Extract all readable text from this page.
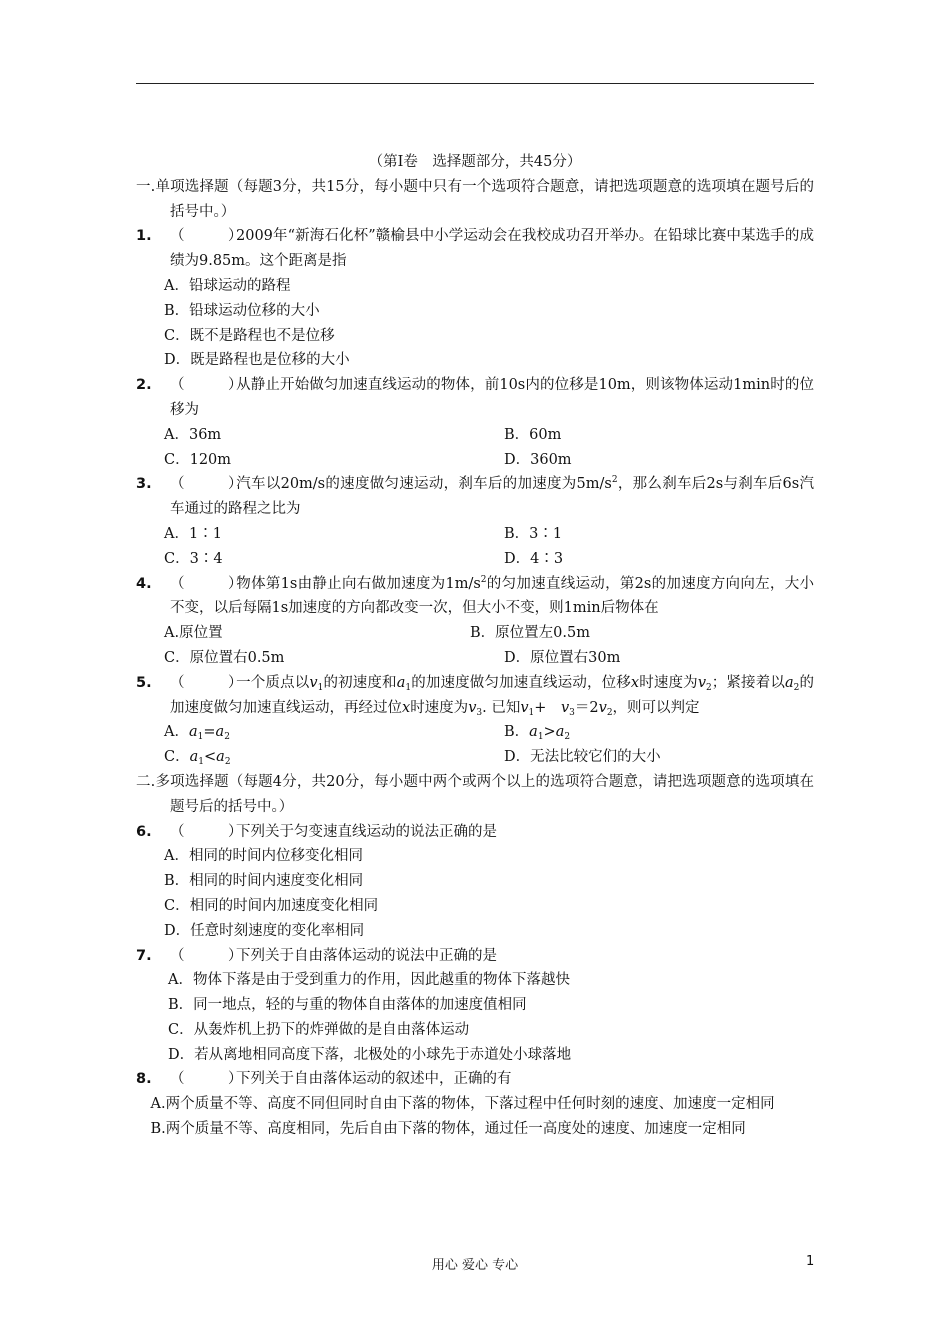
（第Ⅰ卷　选择题部分，共45分）
一.单项选择题（每题3分，共15分，每小题中只有一个选项符合题意，请把选项题意的选项填在题号后的括号中。）
1.	（　　　）2009年“新海石化杯”赣榆县中小学运动会在我校成功召开举办。在铅球比赛中某选手的成绩为9.85m。这个距离是指
A．铅球运动的路程
B．铅球运动位移的大小
C．既不是路程也不是位移
D．既是路程也是位移的大小
2.	（　　　）从静止开始做匀加速直线运动的物体，前10s内的位移是10m，则该物体运动1min时的位移为
A．36m	B．60m
C．120m	D．360m
3.	（　　　）汽车以20m/s的速度做匀速运动，刹车后的加速度为$5m/s^2$，那么刹车后2s与刹车后6s汽车通过的路程之比为
A．1∶1	B．3∶1
C．3∶4	D．4∶3
4.	（　　　）物体第1s由静止向右做加速度为$1m/s^2$的匀加速直线运动，第2s的加速度方向向左，大小不变，以后每隔1s加速度的方向都改变一次，但大小不变，则1min后物体在
A.原位置	B．原位置左0.5m
C．原位置右0.5m	D．原位置右30m
5.	（　　　）一个质点以$v_1$的初速度和$a_1$的加速度做匀加速直线运动，位移x时速度为$v_2$；紧接着以$a_2$的加速度做匀加速直线运动，再经过位x时速度为$v_3$. 已知$v_1+$　$v_3=2v_2$，则可以判定
A．$a_1=a_2$	B．$a_1>a_2$
C．$a_1<a_2$	D．无法比较它们的大小
二.多项选择题（每题4分，共20分，每小题中两个或两个以上的选项符合题意，请把选项题意的选项填在题号后的括号中。）
6.	（　　　）下列关于匀变速直线运动的说法正确的是
A．相同的时间内位移变化相同
B．相同的时间内速度变化相同
C．相同的时间内加速度变化相同
D．任意时刻速度的变化率相同
7.	（　　　）下列关于自由落体运动的说法中正确的是
A．物体下落是由于受到重力的作用，因此越重的物体下落越快
B．同一地点，轻的与重的物体自由落体的加速度值相同
C．从轰炸机上扔下的炸弹做的是自由落体运动
D．若从离地相同高度下落，北极处的小球先于赤道处小球落地
8.	（　　　）下列关于自由落体运动的叙述中，正确的有
　A.两个质量不等、高度不同但同时自由下落的物体，下落过程中任何时刻的速度、加速度一定相同
　B.两个质量不等、高度相同，先后自由下落的物体，通过任一高度处的速度、加速度一定相同
用心 爱心 专心	1
